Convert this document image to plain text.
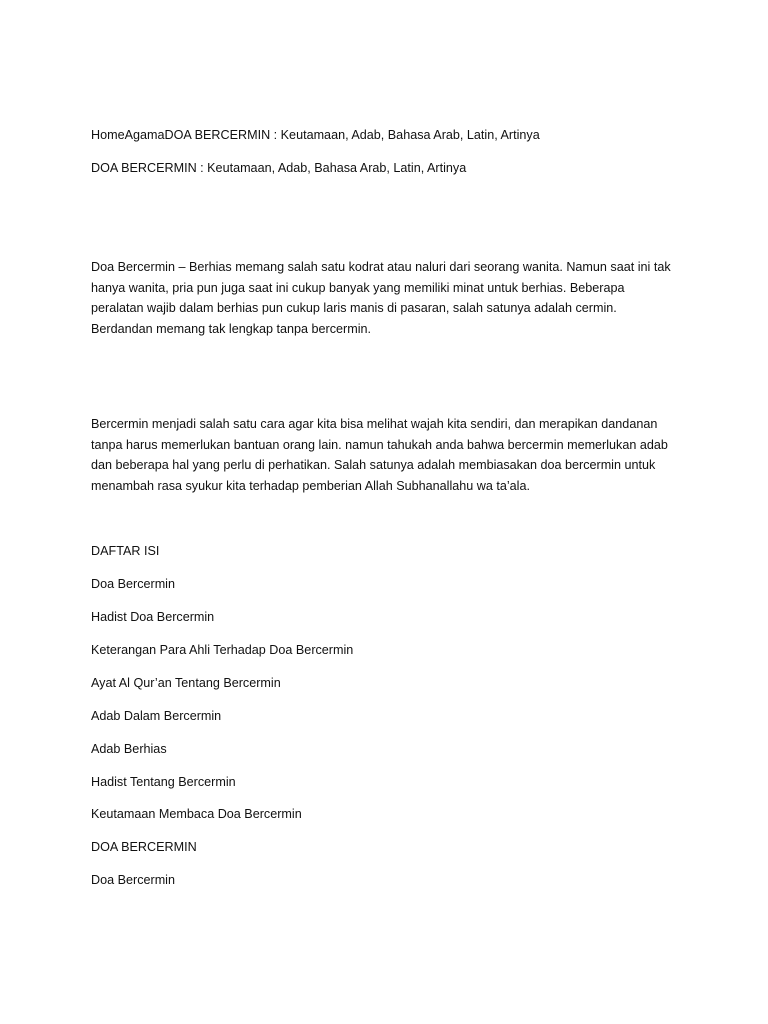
HomeAgamaDOA BERCERMIN : Keutamaan, Adab, Bahasa Arab, Latin, Artinya

DOA BERCERMIN : Keutamaan, Adab, Bahasa Arab, Latin, Artinya

Doa Bercermin – Berhias memang salah satu kodrat atau naluri dari seorang wanita. Namun saat ini tak
hanya wanita, pria pun juga saat ini cukup banyak yang memiliki minat untuk berhias. Beberapa
peralatan wajib dalam berhias pun cukup laris manis di pasaran, salah satunya adalah cermin.
Berdandan memang tak lengkap tanpa bercermin.
Bercermin menjadi salah satu cara agar kita bisa melihat wajah kita sendiri, dan merapikan dandanan
tanpa harus memerlukan bantuan orang lain. namun tahukah anda bahwa bercermin memerlukan adab
dan beberapa hal yang perlu di perhatikan. Salah satunya adalah membiasakan doa bercermin untuk
menambah rasa syukur kita terhadap pemberian Allah Subhanallahu wa ta’ala.

DAFTAR ISI

Doa Bercermin

Hadist Doa Bercermin

Keterangan Para Ahli Terhadap Doa Bercermin

Ayat Al Qur’an Tentang Bercermin

Adab Dalam Bercermin

Adab Berhias

Hadist Tentang Bercermin

Keutamaan Membaca Doa Bercermin

DOA BERCERMIN

Doa Bercermin
